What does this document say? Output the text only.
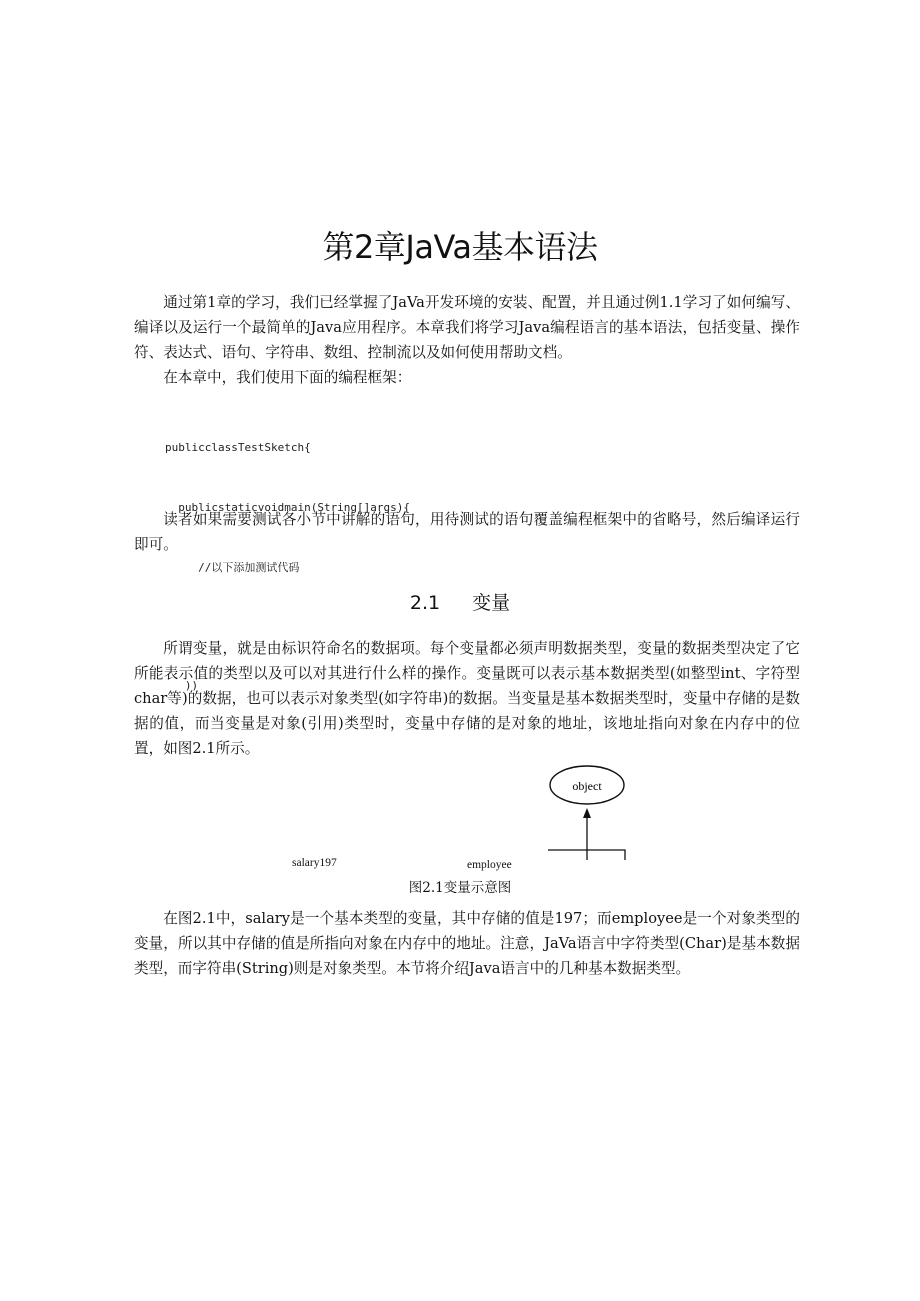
第2章JaVa基本语法

通过第1章的学习，我们已经掌握了JaVa开发环境的安装、配置，并且通过例1.1学习了如何编写、编译以及运行一个最简单的Java应用程序。本章我们将学习Java编程语言的基本语法，包括变量、操作符、表达式、语句、字符串、数组、控制流以及如何使用帮助文档。

在本章中，我们使用下面的编程框架：

publicclassTestSketch{

publicstaticvoidmain(String[]args){

//以下添加测试代码

))

读者如果需要测试各小节中讲解的语句，用待测试的语句覆盖编程框架中的省略号，然后编译运行即可。

2.1 变量

所谓变量，就是由标识符命名的数据项。每个变量都必须声明数据类型，变量的数据类型决定了它所能表示值的类型以及可以对其进行什么样的操作。变量既可以表示基本数据类型(如整型int、字符型char等)的数据，也可以表示对象类型(如字符串)的数据。当变量是基本数据类型时，变量中存储的是数据的值，而当变量是对象(引用)类型时，变量中存储的是对象的地址，该地址指向对象在内存中的位置，如图2.1所示。

object
salary197	employee

图2.1变量示意图

在图2.1中，salary是一个基本类型的变量，其中存储的值是197；而employee是一个对象类型的变量，所以其中存储的值是所指向对象在内存中的地址。注意，JaVa语言中字符类型(Char)是基本数据类型，而字符串(String)则是对象类型。本节将介绍Java语言中的几种基本数据类型。
